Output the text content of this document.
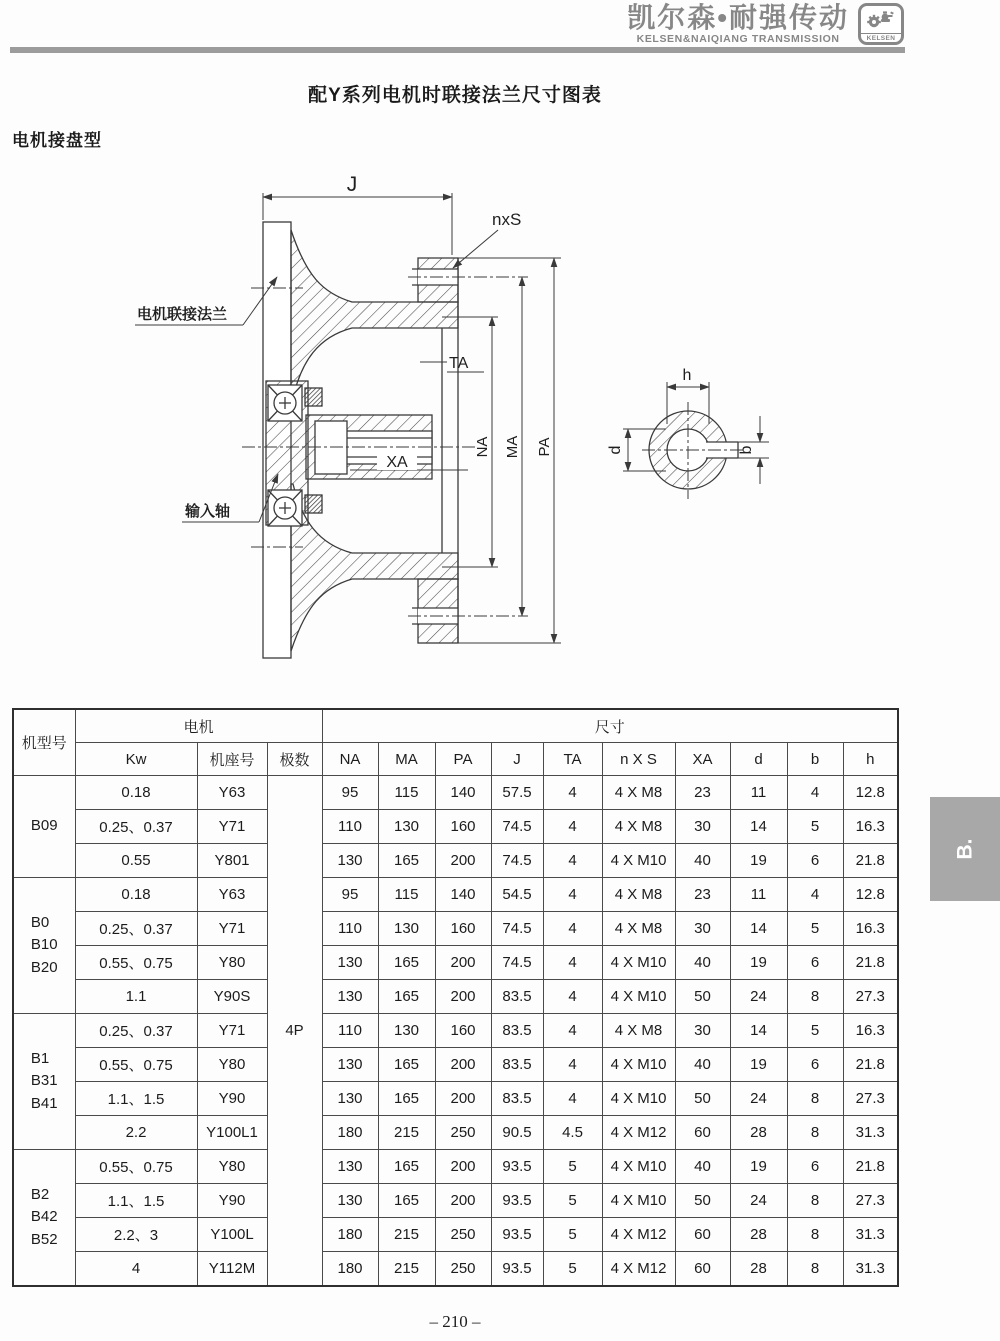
凯尔森•耐强传动
KELSEN&NAIQIANG TRANSMISSION	KELSEN
配Y系列电机时联接法兰尺寸图表
电机接盘型
J
nxS
TA
XA
NA MA PA
h
d	b
电机联接法兰
输入轴
B.
机型号	电机			尺寸									
	Kw	机座号	极数	NA	MA	PA	J	TA	n X S	XA	d	b	h

B09	0.18	Y63	4P	95	115	140	57.5	4	4 X M8	23	11	4	12.8
	0.25、0.37	Y71		110	130	160	74.5	4	4 X M8	30	14	5	16.3
	0.55	Y801		130	165	200	74.5	4	4 X M10	40	19	6	21.8

B0
B10
B20	0.18	Y63		95	115	140	54.5	4	4 X M8	23	11	4	12.8
	0.25、0.37	Y71		110	130	160	74.5	4	4 X M8	30	14	5	16.3
	0.55、0.75	Y80		130	165	200	74.5	4	4 X M10	40	19	6	21.8
	1.1	Y90S		130	165	200	83.5	4	4 X M10	50	24	8	27.3

B1
B31
B41	0.25、0.37	Y71		110	130	160	83.5	4	4 X M8	30	14	5	16.3
	0.55、0.75	Y80		130	165	200	83.5	4	4 X M10	40	19	6	21.8
	1.1、1.5	Y90		130	165	200	83.5	4	4 X M10	50	24	8	27.3
	2.2	Y100L1		180	215	250	90.5	4.5	4 X M12	60	28	8	31.3

B2
B42
B52	0.55、0.75	Y80		130	165	200	93.5	5	4 X M10	40	19	6	21.8
	1.1、1.5	Y90		130	165	200	93.5	5	4 X M10	50	24	8	27.3
	2.2、3	Y100L		180	215	250	93.5	5	4 X M12	60	28	8	31.3
	4	Y112M		180	215	250	93.5	5	4 X M12	60	28	8	31.3
– 210 –
